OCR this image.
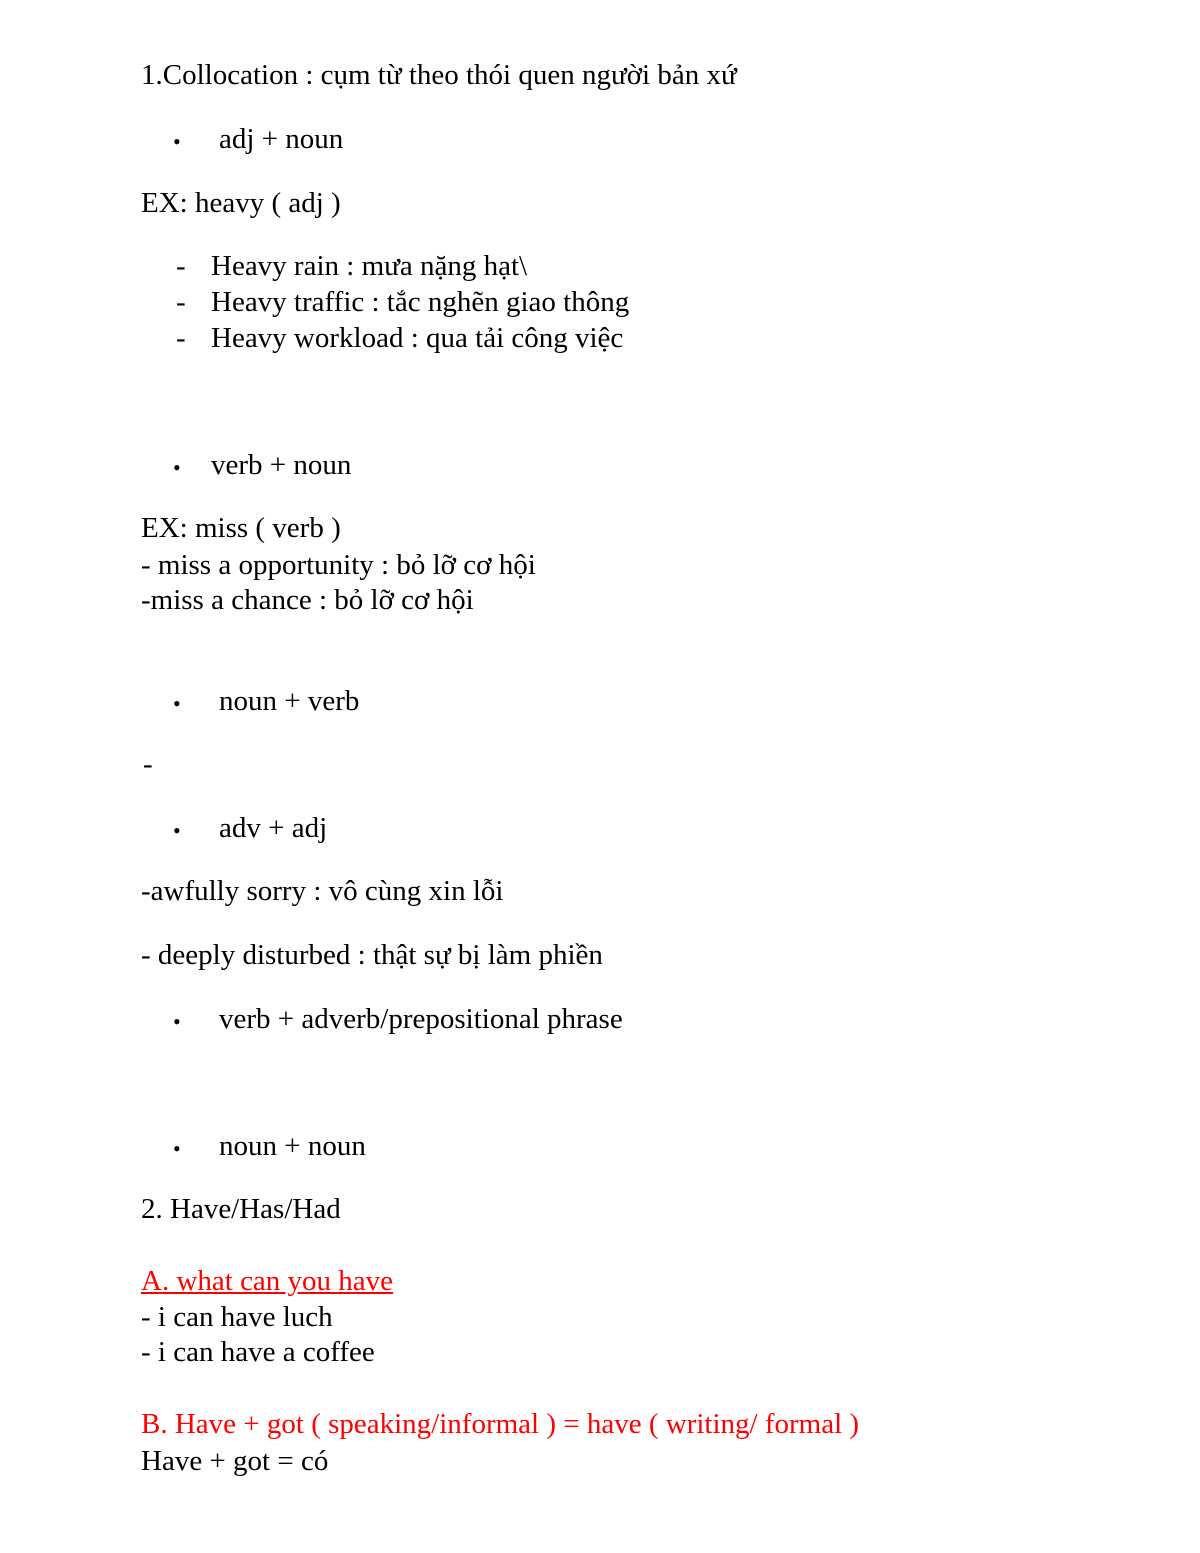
1.Collocation : cụm từ theo thói quen người bản xứ
• adj + noun
EX: heavy ( adj )
- Heavy rain : mưa nặng hạt\
- Heavy traffic : tắc nghẽn giao thông
- Heavy workload : qua tải công việc
• verb + noun
EX: miss ( verb )
- miss a opportunity : bỏ lỡ cơ hội
-miss a chance : bỏ lỡ cơ hội
• noun + verb
-
• adv + adj
-awfully sorry : vô cùng xin lỗi
- deeply disturbed : thật sự bị làm phiền
• verb + adverb/prepositional phrase
• noun + noun
2. Have/Has/Had
A. what can you have
- i can have luch
- i can have a coffee
B. Have + got ( speaking/informal ) = have ( writing/ formal )
Have + got = có
